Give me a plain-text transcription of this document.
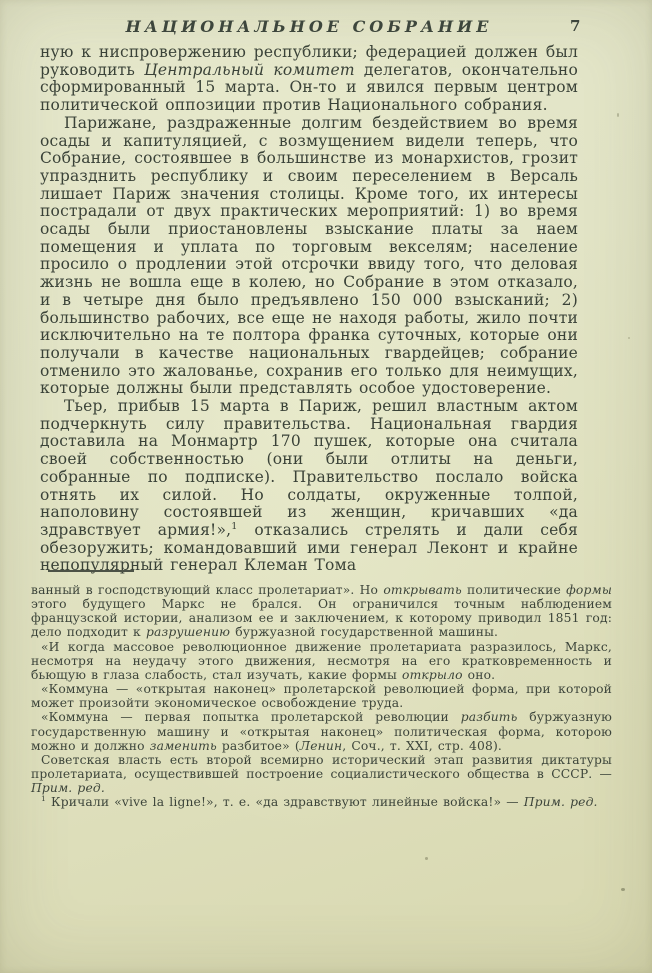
НАЦИОНАЛЬНОЕ СОБРАНИЕ	7

ную к ниспровержению республики; федерацией должен был руководить Центральный комитет делегатов, окончательно сформированный 15 марта. Он-то и явился первым центром политической оппозиции против Национального собрания.

Парижане, раздраженные долгим бездействием во время осады и капитуляцией, с возмущением видели теперь, что Собрание, состоявшее в большинстве из монархистов, грозит упразднить республику и своим переселением в Версаль лишает Париж значения столицы. Кроме того, их интересы пострадали от двух практических мероприятий: 1) во время осады были приостановлены взыскание платы за наем помещения и уплата по торговым векселям; население просило о продлении этой отсрочки ввиду того, что деловая жизнь не вошла еще в колею, но Собрание в этом отказало, и в четыре дня было предъявлено 150 000 взысканий; 2) большинство рабочих, все еще не находя работы, жило почти исключительно на те полтора франка суточных, которые они получали в качестве национальных гвардейцев; собрание отменило это жалованье, сохранив его только для неимущих, которые должны были представлять особое удостоверение.

Тьер, прибыв 15 марта в Париж, решил властным актом подчеркнуть силу правительства. Национальная гвардия доставила на Монмартр 170 пушек, которые она считала своей собственностью (они были отлиты на деньги, собранные по подписке). Правительство послало войска отнять их силой. Но солдаты, окруженные толпой, наполовину состоявшей из женщин, кричавших «да здравствует армия!»,$^1$ отказались стрелять и дали себя обезоружить; командовавший ими генерал Леконт и крайне непопулярный генерал Клеман Тома

ванный в господствующий класс пролетариат». Но открывать политические формы этого будущего Маркс не брался. Он ограничился точным наблюдением французской истории, анализом ее и заключением, к которому приводил 1851 год: дело подходит к разрушению буржуазной государственной машины.

«И когда массовое революционное движение пролетариата разразилось, Маркс, несмотря на неудачу этого движения, несмотря на его кратковременность и бьющую в глаза слабость, стал изучать, какие формы открыло оно.

«Коммуна — «открытая наконец» пролетарской революцией форма, при которой может произойти экономическое освобождение труда.

«Коммуна — первая попытка пролетарской революции разбить буржуазную государственную машину и «открытая наконец» политическая форма, которою можно и должно заменить разбитое» (Ленин, Соч., т. XXI, стр. 408).

Советская власть есть второй всемирно исторический этап развития диктатуры пролетариата, осуществившей построение социалистического общества в СССР. — Прим. ред.

$^1$ Кричали «vive la ligne!», т. е. «да здравствуют линейные войска!» — Прим. ред.
